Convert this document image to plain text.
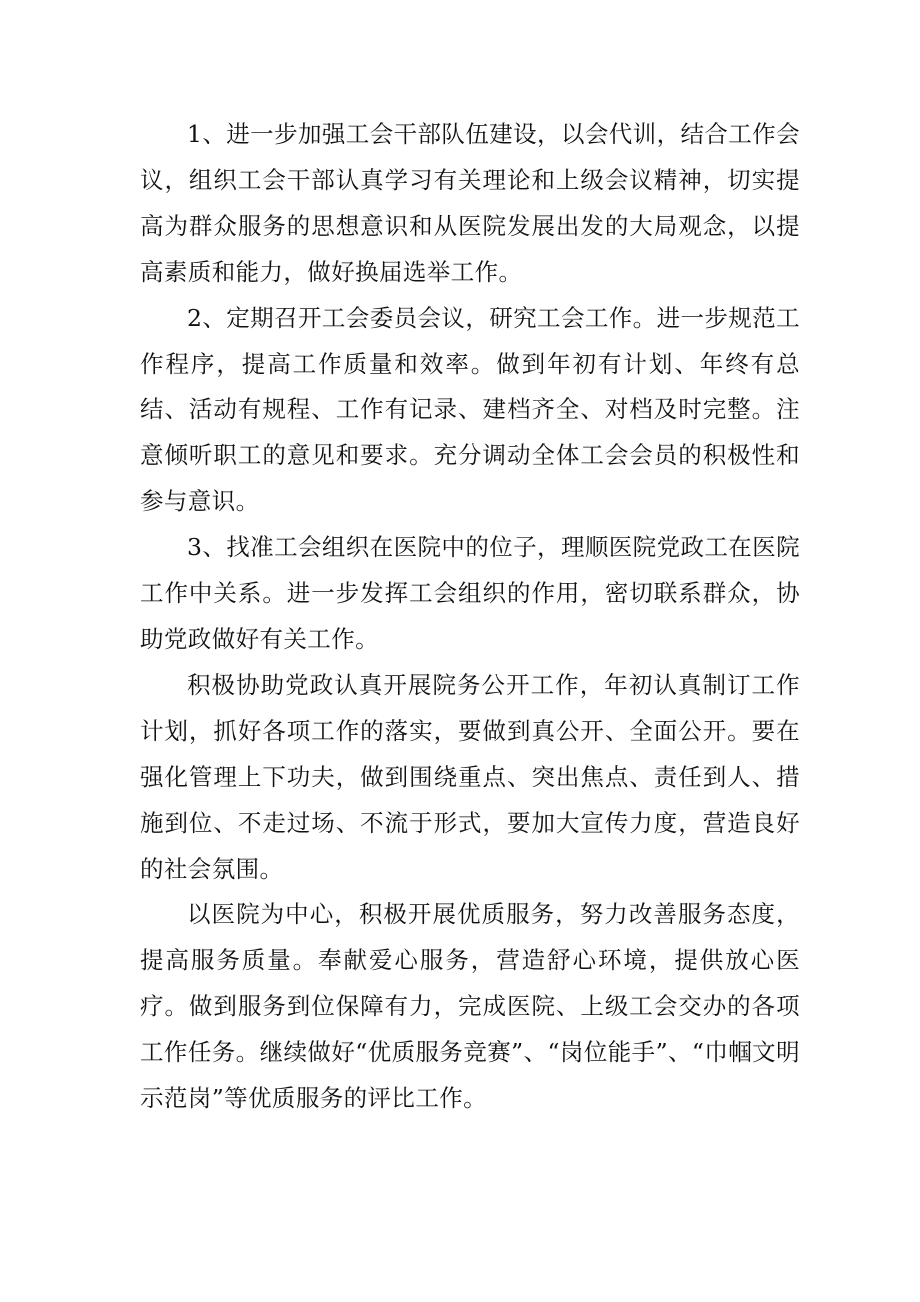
1、进一步加强工会干部队伍建设，以会代训，结合工作会议，组织工会干部认真学习有关理论和上级会议精神，切实提高为群众服务的思想意识和从医院发展出发的大局观念，以提高素质和能力，做好换届选举工作。

2、定期召开工会委员会议，研究工会工作。进一步规范工作程序，提高工作质量和效率。做到年初有计划、年终有总结、活动有规程、工作有记录、建档齐全、对档及时完整。注意倾听职工的意见和要求。充分调动全体工会会员的积极性和参与意识。

3、找准工会组织在医院中的位子，理顺医院党政工在医院工作中关系。进一步发挥工会组织的作用，密切联系群众，协助党政做好有关工作。

积极协助党政认真开展院务公开工作，年初认真制订工作计划，抓好各项工作的落实，要做到真公开、全面公开。要在强化管理上下功夫，做到围绕重点、突出焦点、责任到人、措施到位、不走过场、不流于形式，要加大宣传力度，营造良好的社会氛围。

以医院为中心，积极开展优质服务，努力改善服务态度，提高服务质量。奉献爱心服务，营造舒心环境，提供放心医疗。做到服务到位保障有力，完成医院、上级工会交办的各项工作任务。继续做好“优质服务竞赛”、“岗位能手”、“巾帼文明示范岗”等优质服务的评比工作。
